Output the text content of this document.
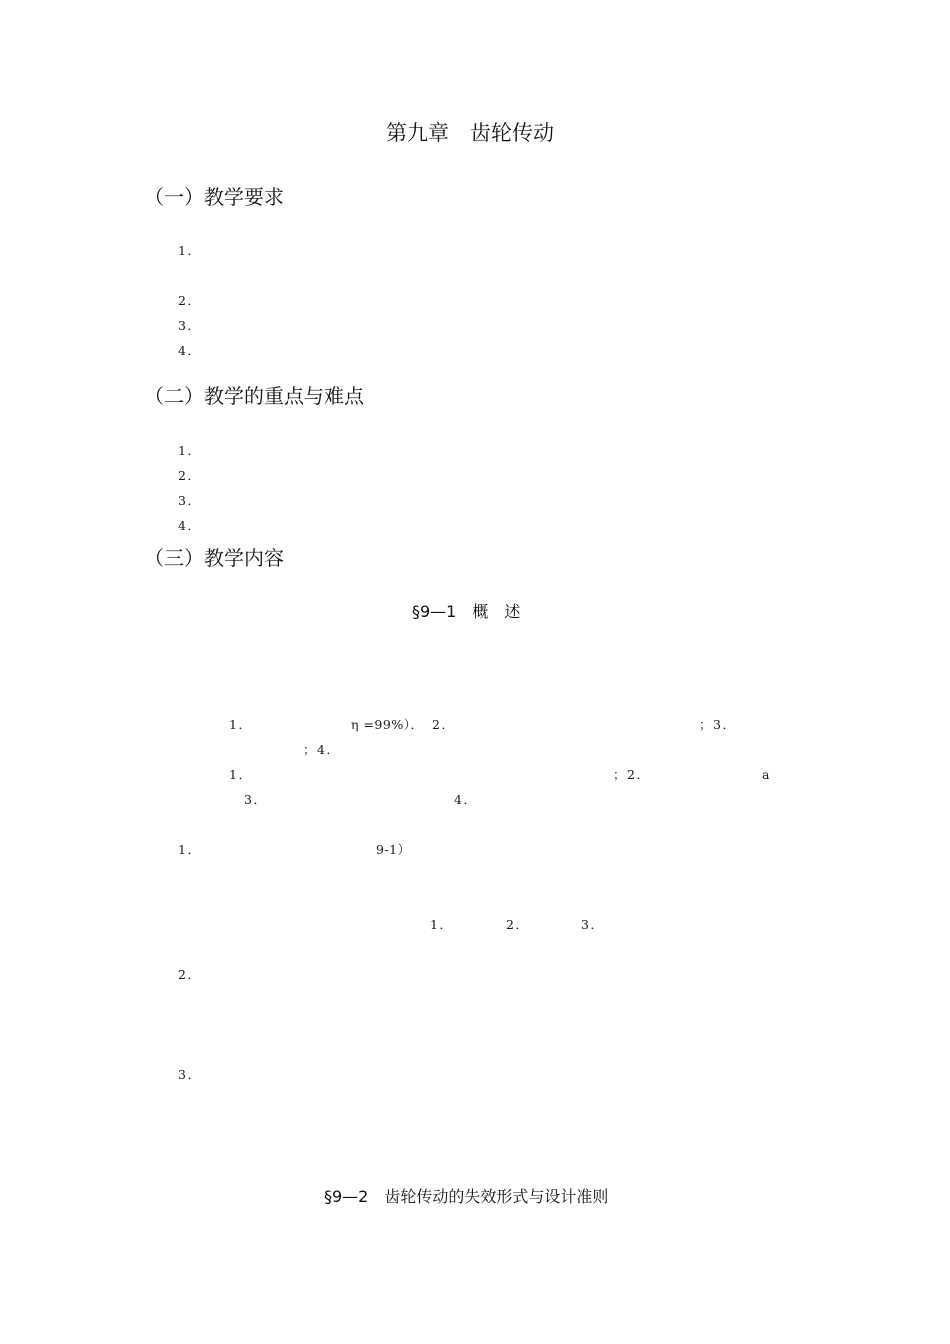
第九章　齿轮传动
（一）教学要求
1．　　　　　　　　　　　　　　　　　　　　　　　　　　　　　　　　　　

2．　　　　　　　　　　　　　　　　　　　　　　　　　
3．

4．　　　　　　　　　　　　　　　　　　　　　　　　
（二）教学的重点与难点
1．　　　　　　　　　　　　　　　　　　　　　
2．　　　　　　　　　　　　　　　　　　　　
3．　　　　　　　　　　　　　　　　　　　　　　　　　
4．　　　　　　　　　　　　
（三）教学内容
§9—1　概　述

1．　　　　　	η =99%）． 2．　　　　　　　　　　　　　　　　 ； 3．　　　　

； 4．　　　　　　　　

1．　　　　　　　　　　　　　　　　　　　　　　	； 2．　　　　　　	a　　

3．　　　　　　　　　　　	4．　　　　　　　　　　　　　

1．　　　　　　　　　	9-1）

1．　　　 2．　　　 3．　　

2．　　　　　

3．　　　

§9—2　齿轮传动的失效形式与设计准则
